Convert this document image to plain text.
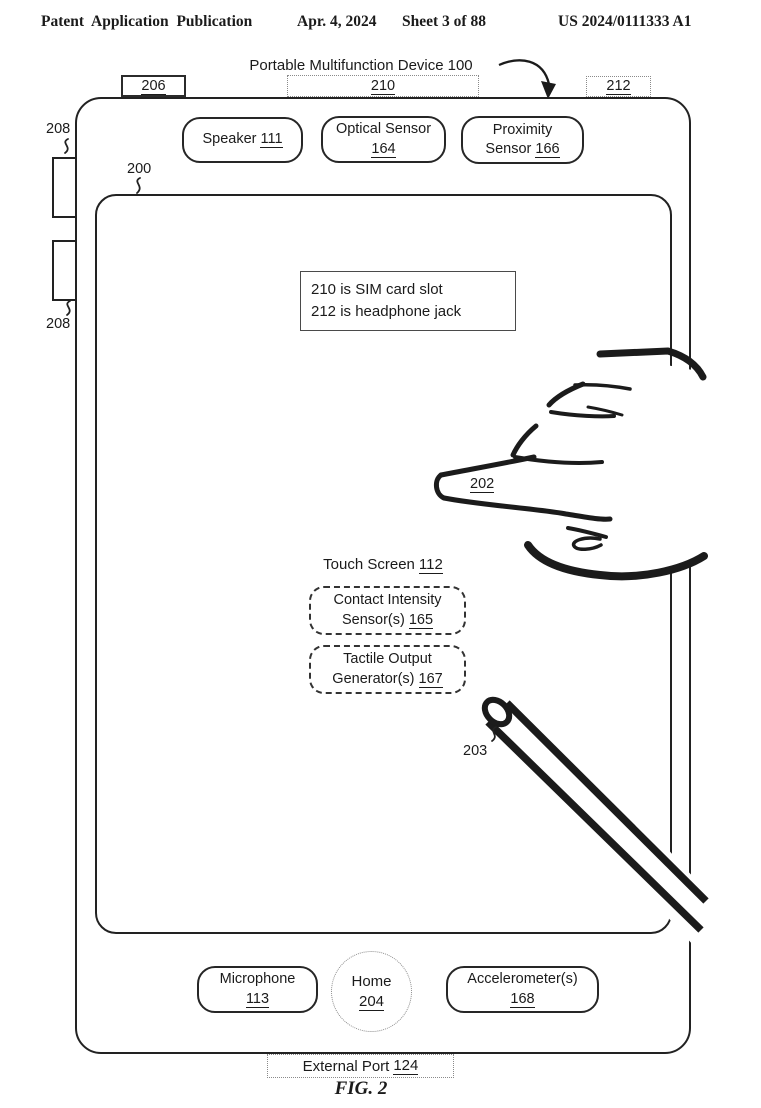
Patent Application Publication	Apr. 4, 2024 Sheet 3 of 88	US 2024/0111333 A1
Portable Multifunction Device 100
206	210	212
208
208
200
Speaker 111
Optical Sensor
164
Proximity
Sensor 166
210 is SIM card slot
212 is headphone jack
Touch Screen 112
Contact Intensity
Sensor(s) 165
Tactile Output
Generator(s) 167
202
203
Microphone
113
Home
204
Accelerometer(s)
168
External Port 124
FIG. 2
